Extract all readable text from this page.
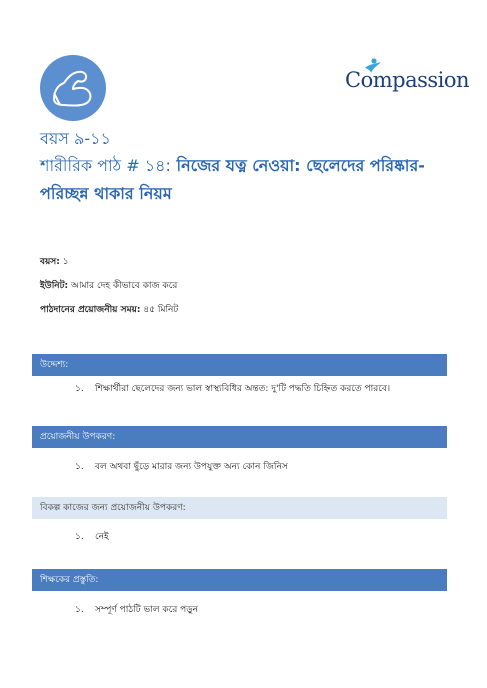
Compassion
বয়স ৯-১১
শারীরিক পাঠ # ১৪: নিজের যত্ন নেওয়া: ছেলেদের পরিষ্কার-পরিচ্ছন্ন থাকার নিয়ম
বয়স: ১
ইউনিট: আমার দেহ কীভাবে কাজ করে
পাঠদানের প্রয়োজনীয় সময়: ৪৫ মিনিট
উদ্দেশ্য:
১. শিক্ষার্থীরা ছেলেদের জন্য ভাল স্বাস্থ্যবিধির অন্তত: দু'টি পদ্ধতি চিহ্নিত করতে পারবে।
প্রয়োজনীয় উপকরণ:
১. বল অথবা ছুঁড়ে মারার জন্য উপযুক্ত অন্য কোন জিনিস
বিকল্প কাজের জন্য প্রয়োজনীয় উপকরণ:
১. নেই
শিক্ষকের প্রস্তুতি:
১. সম্পূর্ণ পাঠটি ভাল করে পড়ুন
